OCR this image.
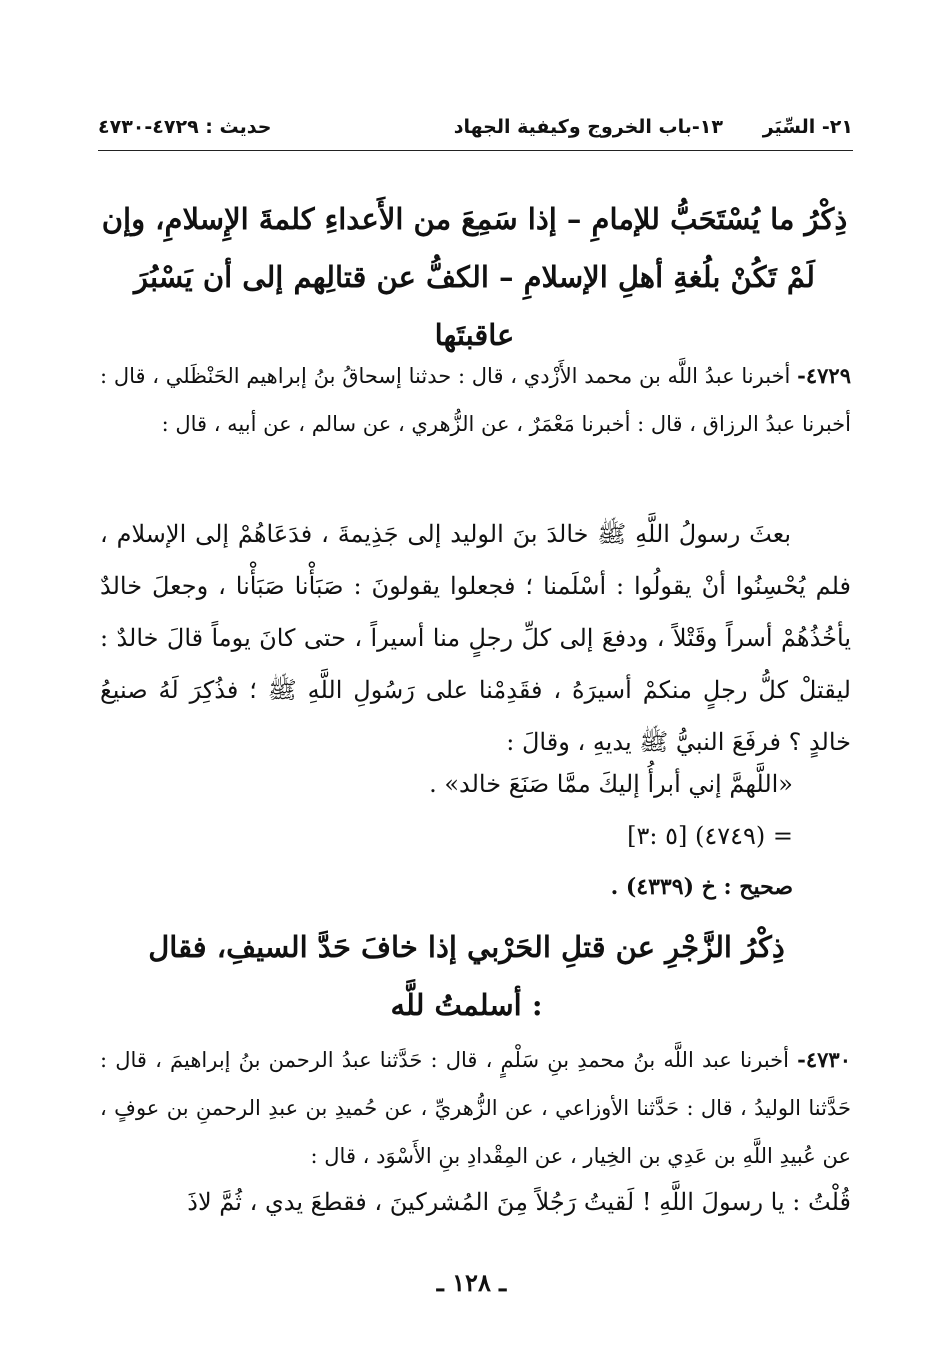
٢١- السِّيَر
١٣-باب الخروج وكيفية الجهاد
حديث : ٤٧٢٩-٤٧٣٠
ذِكْرُ ما يُسْتَحَبُّ للإمامِ – إذا سَمِعَ من الأَعداءِ كلمةَ الإِسلامِ، وإن لَمْ تَكُنْ بلُغةِ أهلِ الإسلامِ – الكفُّ عن قتالِهم إلى أن يَسْبُرَ عاقبتَها
٤٧٢٩- أخبرنا عبدُ اللَّه بن محمد الأَزْدي ، قال : حدثنا إسحاقُ بنُ إبراهيم الحَنْظَلي ، قال : أخبرنا عبدُ الرزاق ، قال : أخبرنا مَعْمَرٌ ، عن الزُّهري ، عن سالم ، عن أبيه ، قال :
بعثَ رسولُ اللَّهِ ﷺ خالدَ بنَ الوليد إلى جَذِيمةَ ، فدَعَاهُمْ إلى الإسلام ، فلم يُحْسِنُوا أنْ يقولُوا : أسْلَمنا ؛ فجعلوا يقولونَ : صَبَأْنا صَبَأْنا ، وجعلَ خالدٌ يأخُذُهُمْ أسراً وقَتْلاً ، ودفعَ إلى كلِّ رجلٍ منا أسيراً ، حتى كانَ يوماً قالَ خالدٌ : ليقتلْ كلُّ رجلٍ منكمْ أسيرَهُ ، فقَدِمْنا على رَسُولِ اللَّهِ ﷺ ؛ فذُكِرَ لَهُ صنيعُ خالدٍ ؟ فرفَعَ النبيُّ ﷺ يديهِ ، وقالَ :
«اللَّهمَّ إني أبرأُ إليكَ ممَّا صَنَعَ خالد» .
= (٤٧٤٩) [٥ :٣]
صحيح : خ (٤٣٣٩) .
ذِكْرُ الزَّجْرِ عن قتلِ الحَرْبي إذا خافَ حَدَّ السيفِ، فقال : أسلمتُ للَّه
٤٧٣٠- أخبرنا عبد اللَّه بنُ محمدِ بنِ سَلْمٍ ، قال : حَدَّثنا عبدُ الرحمن بنُ إبراهيمَ ، قال : حَدَّثنا الوليدُ ، قال : حَدَّثنا الأوزاعي ، عن الزُّهريِّ ، عن حُميدِ بن عبدِ الرحمنِ بن عوفٍ ، عن عُبيدِ اللَّهِ بن عَدِي بن الخِيار ، عن المِقْدادِ بنِ الأَسْوَد ، قال :
قُلْتُ : يا رسولَ اللَّهِ ! لَقيتُ رَجُلاً مِنَ المُشركينَ ، فقطعَ يدي ، ثُمَّ لاذَ
ـ ١٢٨ ـ
